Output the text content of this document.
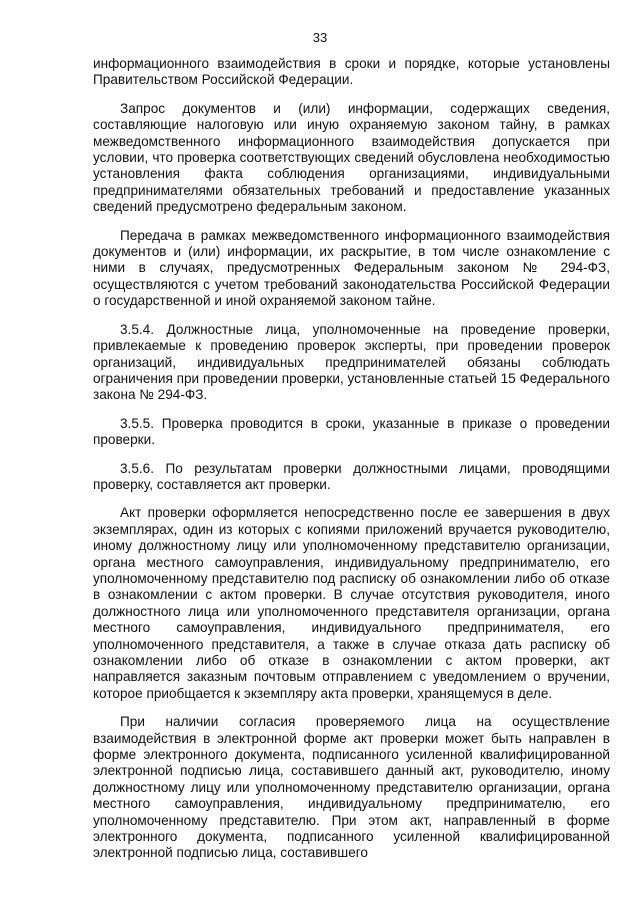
33

информационного взаимодействия в сроки и порядке, которые установлены Правительством Российской Федерации.

Запрос документов и (или) информации, содержащих сведения, составляющие налоговую или иную охраняемую законом тайну, в рамках межведомственного информационного взаимодействия допускается при условии, что проверка соответствующих сведений обусловлена необходимостью установления факта соблюдения организациями, индивидуальными предпринимателями обязательных требований и предоставление указанных сведений предусмотрено федеральным законом.

Передача в рамках межведомственного информационного взаимодействия документов и (или) информации, их раскрытие, в том числе ознакомление с ними в случаях, предусмотренных Федеральным законом № 294-ФЗ, осуществляются с учетом требований законодательства Российской Федерации о государственной и иной охраняемой законом тайне.

3.5.4. Должностные лица, уполномоченные на проведение проверки, привлекаемые к проведению проверок эксперты, при проведении проверок организаций, индивидуальных предпринимателей обязаны соблюдать ограничения при проведении проверки, установленные статьей 15 Федерального закона № 294-ФЗ.

3.5.5. Проверка проводится в сроки, указанные в приказе о проведении проверки.

3.5.6. По результатам проверки должностными лицами, проводящими проверку, составляется акт проверки.

Акт проверки оформляется непосредственно после ее завершения в двух экземплярах, один из которых с копиями приложений вручается руководителю, иному должностному лицу или уполномоченному представителю организации, органа местного самоуправления, индивидуальному предпринимателю, его уполномоченному представителю под расписку об ознакомлении либо об отказе в ознакомлении с актом проверки. В случае отсутствия руководителя, иного должностного лица или уполномоченного представителя организации, органа местного самоуправления, индивидуального предпринимателя, его уполномоченного представителя, а также в случае отказа дать расписку об ознакомлении либо об отказе в ознакомлении с актом проверки, акт направляется заказным почтовым отправлением с уведомлением о вручении, которое приобщается к экземпляру акта проверки, хранящемуся в деле.

При наличии согласия проверяемого лица на осуществление взаимодействия в электронной форме акт проверки может быть направлен в форме электронного документа, подписанного усиленной квалифицированной электронной подписью лица, составившего данный акт, руководителю, иному должностному лицу или уполномоченному представителю организации, органа местного самоуправления, индивидуальному предпринимателю, его уполномоченному представителю. При этом акт, направленный в форме электронного документа, подписанного усиленной квалифицированной электронной подписью лица, составившего
